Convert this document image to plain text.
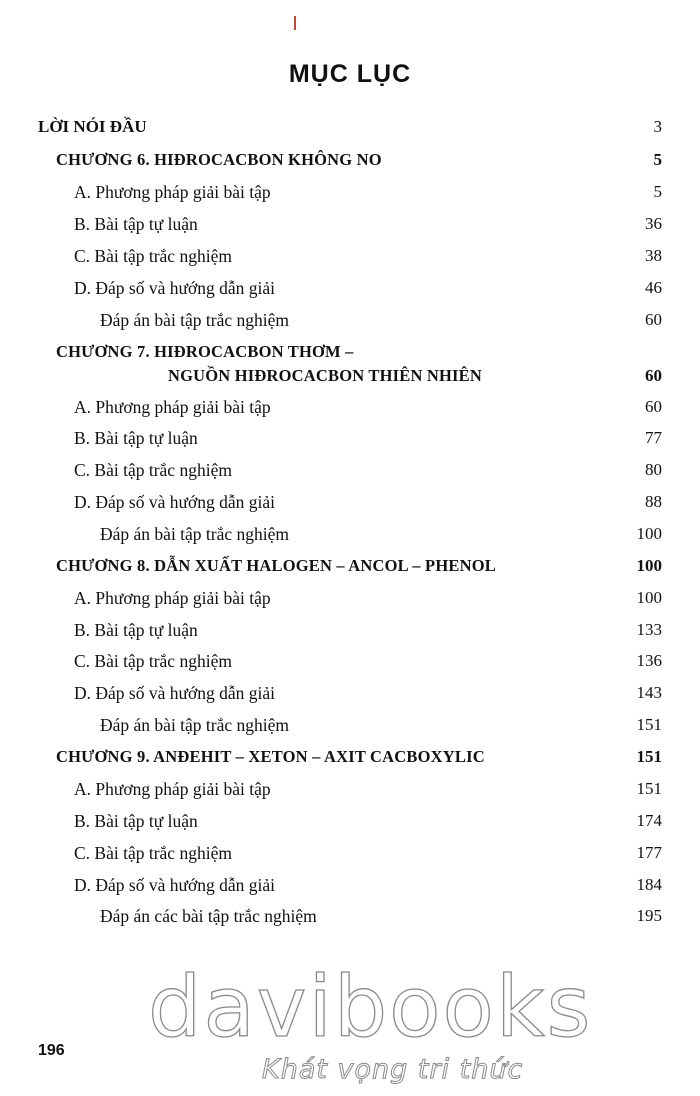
MỤC LỤC
LỜI NÓI ĐẦU	3
CHƯƠNG 6. HIĐROCACBON KHÔNG NO	5
A. Phương pháp giải bài tập	5
B. Bài tập tự luận	36
C. Bài tập trắc nghiệm	38
D. Đáp số và hướng dẫn giải	46
Đáp án bài tập trắc nghiệm	60
CHƯƠNG 7. HIĐROCACBON THƠM –
NGUỒN HIĐROCACBON THIÊN NHIÊN	60
A. Phương pháp giải bài tập	60
B. Bài tập tự luận	77
C. Bài tập trắc nghiệm	80
D. Đáp số và hướng dẫn giải	88
Đáp án bài tập trắc nghiệm	100
CHƯƠNG 8. DẪN XUẤT HALOGEN – ANCOL – PHENOL	100
A. Phương pháp giải bài tập	100
B. Bài tập tự luận	133
C. Bài tập trắc nghiệm	136
D. Đáp số và hướng dẫn giải	143
Đáp án bài tập trắc nghiệm	151
CHƯƠNG 9. ANĐEHIT – XETON – AXIT CACBOXYLIC	151
A. Phương pháp giải bài tập	151
B. Bài tập tự luận	174
C. Bài tập trắc nghiệm	177
D. Đáp số và hướng dẫn giải	184
Đáp án các bài tập trắc nghiệm	195
davibooks
Khát vọng tri thức
196
